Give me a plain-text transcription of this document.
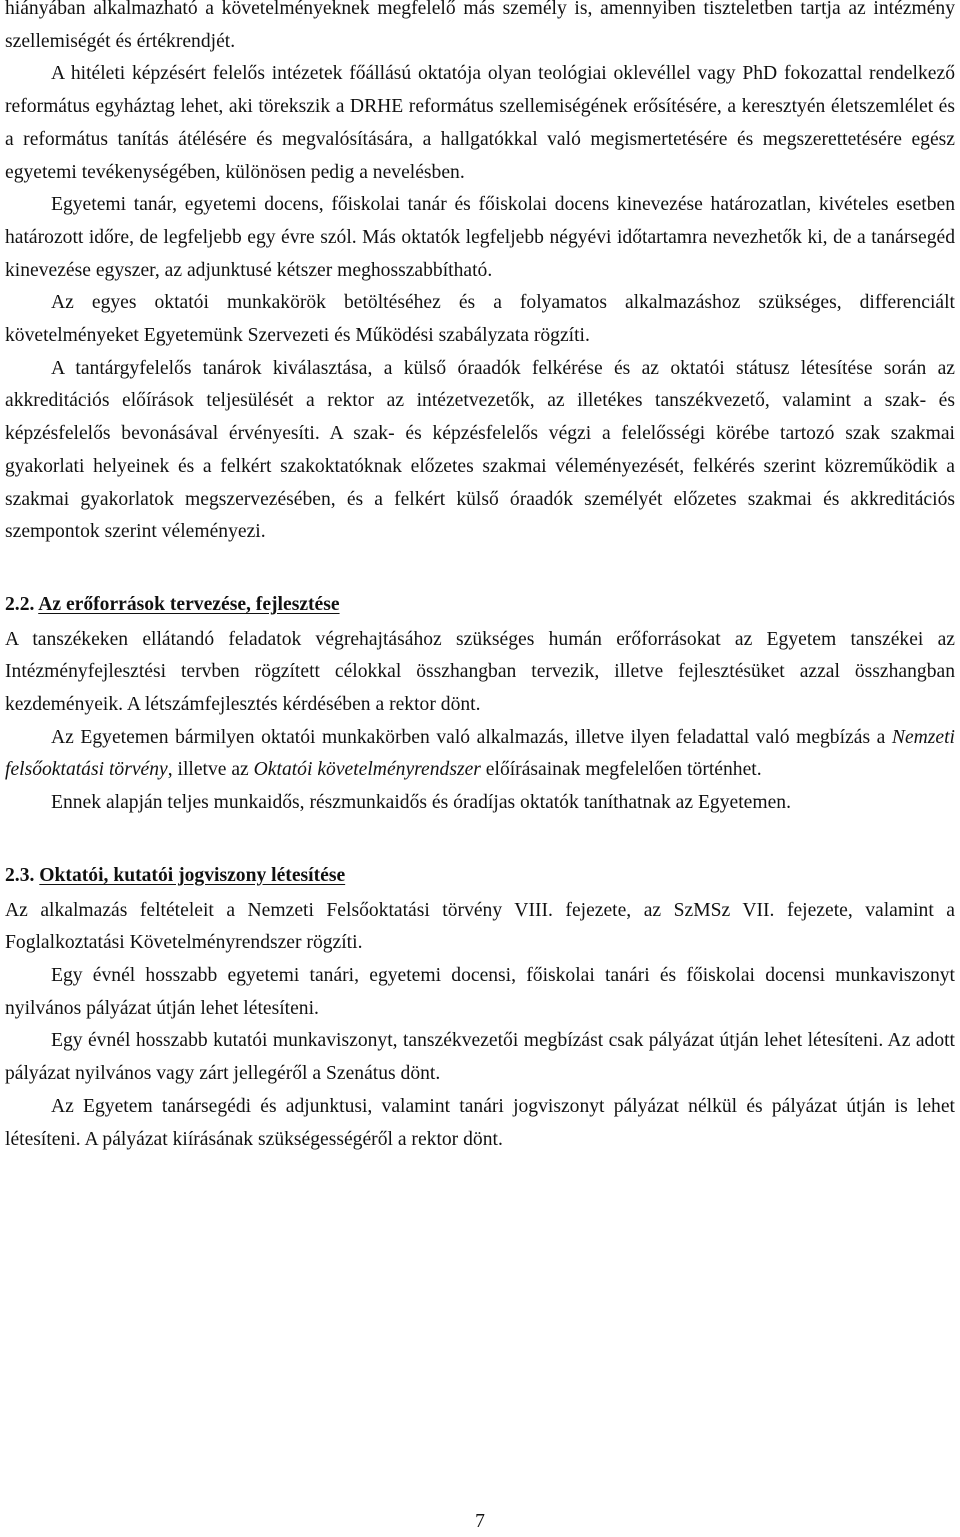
hiányában alkalmazható a követelményeknek megfelelő más személy is, amennyiben tiszteletben tartja az intézmény szellemiségét és értékrendjét.

A hitéleti képzésért felelős intézetek főállású oktatója olyan teológiai oklevéllel vagy PhD fokozattal rendelkező református egyháztag lehet, aki törekszik a DRHE református szellemiségének erősítésére, a keresztyén életszemlélet és a református tanítás átélésére és megvalósítására, a hallgatókkal való megismertetésére és megszerettetésére egész egyetemi tevékenységében, különösen pedig a nevelésben.

Egyetemi tanár, egyetemi docens, főiskolai tanár és főiskolai docens kinevezése határozatlan, kivételes esetben határozott időre, de legfeljebb egy évre szól. Más oktatók legfeljebb négyévi időtartamra nevezhetők ki, de a tanársegéd kinevezése egyszer, az adjunktusé kétszer meghosszabbítható.

Az egyes oktatói munkakörök betöltéséhez és a folyamatos alkalmazáshoz szükséges, differenciált követelményeket Egyetemünk Szervezeti és Működési szabályzata rögzíti.

A tantárgyfelelős tanárok kiválasztása, a külső óraadók felkérése és az oktatói státusz létesítése során az akkreditációs előírások teljesülését a rektor az intézetvezetők, az illetékes tanszékvezető, valamint a szak- és képzésfelelős bevonásával érvényesíti. A szak- és képzésfelelős végzi a felelősségi körébe tartozó szak szakmai gyakorlati helyeinek és a felkért szakoktatóknak előzetes szakmai véleményezését, felkérés szerint közreműködik a szakmai gyakorlatok megszervezésében, és a felkért külső óraadók személyét előzetes szakmai és akkreditációs szempontok szerint véleményezi.

2.2. Az erőforrások tervezése, fejlesztése

A tanszékeken ellátandó feladatok végrehajtásához szükséges humán erőforrásokat az Egyetem tanszékei az Intézményfejlesztési tervben rögzített célokkal összhangban tervezik, illetve fejlesztésüket azzal összhangban kezdeményeik. A létszámfejlesztés kérdésében a rektor dönt.

Az Egyetemen bármilyen oktatói munkakörben való alkalmazás, illetve ilyen feladattal való megbízás a Nemzeti felsőoktatási törvény, illetve az Oktatói követelményrendszer előírásainak megfelelően történhet.

Ennek alapján teljes munkaidős, részmunkaidős és óradíjas oktatók taníthatnak az Egyetemen.

2.3. Oktatói, kutatói jogviszony létesítése

Az alkalmazás feltételeit a Nemzeti Felsőoktatási törvény VIII. fejezete, az SzMSz VII. fejezete, valamint a Foglalkoztatási Követelményrendszer rögzíti.

Egy évnél hosszabb egyetemi tanári, egyetemi docensi, főiskolai tanári és főiskolai docensi munkaviszonyt nyilvános pályázat útján lehet létesíteni.

Egy évnél hosszabb kutatói munkaviszonyt, tanszékvezetői megbízást csak pályázat útján lehet létesíteni. Az adott pályázat nyilvános vagy zárt jellegéről a Szenátus dönt.

Az Egyetem tanársegédi és adjunktusi, valamint tanári jogviszonyt pályázat nélkül és pályázat útján is lehet létesíteni. A pályázat kiírásának szükségességéről a rektor dönt.

7
